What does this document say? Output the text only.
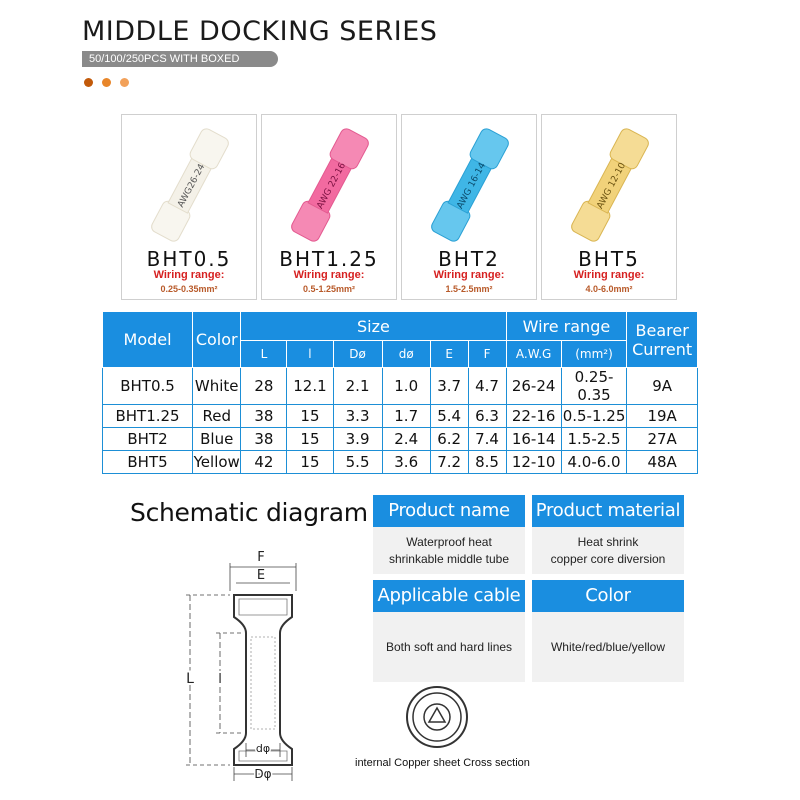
MIDDLE DOCKING SERIES
50/100/250PCS WITH BOXED
AWG26-24
BHT0.5
Wiring range:
0.25-0.35mm²
AWG 22-16
BHT1.25
Wiring range:
0.5-1.25mm²
AWG 16-14
BHT2
Wiring range:
1.5-2.5mm²
AWG 12-10
BHT5
Wiring range:
4.0-6.0mm²
Model	Color	Size						Wire range		Bearer Current
		L	l	Dø	dø	E	F	A.W.G	(mm²)	
BHT0.5	White	28	12.1	2.1	1.0	3.7	4.7	26-24	0.25-0.35	9A
BHT1.25	Red	38	15	3.3	1.7	5.4	6.3	22-16	0.5-1.25	19A
BHT2	Blue	38	15	3.9	2.4	6.2	7.4	16-14	1.5-2.5	27A
BHT5	Yellow	42	15	5.5	3.6	7.2	8.5	12-10	4.0-6.0	48A
Schematic diagram
F
E
L l
dφ
Dφ
internal Copper sheet Cross section
Product name
Waterproof heat
shrinkable middle tube
Product material
Heat shrink
copper core diversion
Applicable cable
Both soft and hard lines
Color
White/red/blue/yellow
